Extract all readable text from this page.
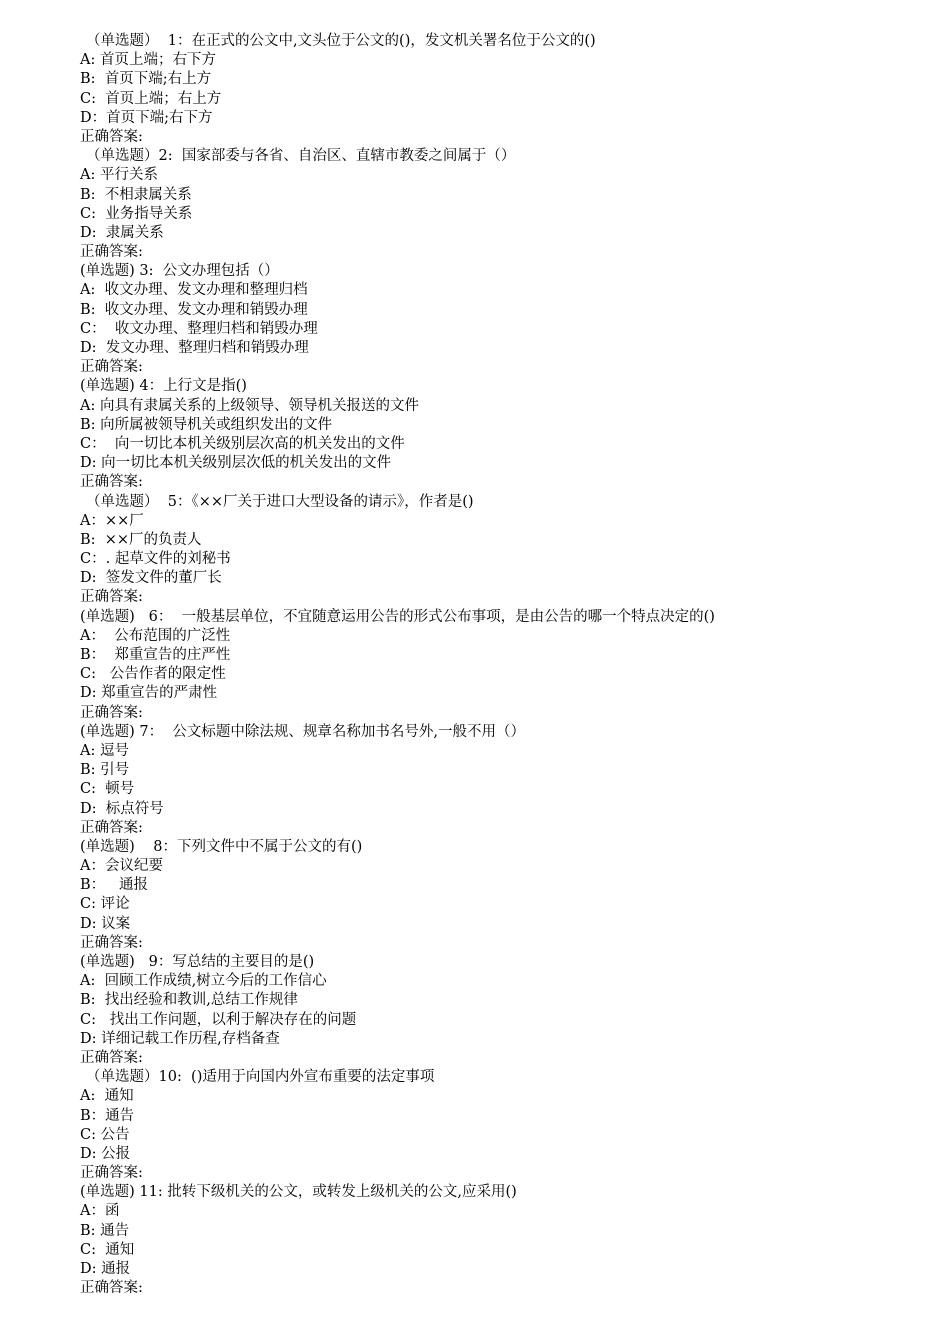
（单选题）  1：在正式的公文中,文头位于公文的()，发文机关署名位于公文的()
A: 首页上端；右下方
B:  首页下端;右上方
C:  首页上端；右上方
D：首页下端;右下方
正确答案:
（单选题）2:  国家部委与各省、自治区、直辖市教委之间属于（）
A: 平行关系
B:  不相隶属关系
C:  业务指导关系
D:  隶属关系
正确答案:
(单选题) 3:  公文办理包括（）
A:  收文办理、发文办理和整理归档
B:  收文办理、发文办理和销毁办理
C：  收文办理、整理归档和销毁办理
D:  发文办理、整理归档和销毁办理
正确答案:
(单选题) 4：上行文是指()
A: 向具有隶属关系的上级领导、领导机关报送的文件
B: 向所属被领导机关或组织发出的文件
C：  向一切比本机关级别层次高的机关发出的文件
D: 向一切比本机关级别层次低的机关发出的文件
正确答案:
（单选题）  5：《××厂关于进口大型设备的请示》，作者是()
A：××厂
B:  ××厂的负责人
C：. 起草文件的刘秘书
D:  签发文件的董厂长
正确答案:
(单选题)   6：  一般基层单位，不宜随意运用公告的形式公布事项，是由公告的哪一个特点决定的()
A：  公布范围的广泛性
B：  郑重宣告的庄严性
C:   公告作者的限定性
D: 郑重宣告的严肃性
正确答案:
(单选题) 7：  公文标题中除法规、规章名称加书名号外,一般不用（）
A: 逗号
B: 引号
C:  顿号
D:  标点符号
正确答案:
(单选题)    8：下列文件中不属于公文的有()
A：会议纪要
B：   通报
C: 评论
D: 议案
正确答案:
(单选题)   9：写总结的主要目的是()
A:  回顾工作成绩,树立今后的工作信心
B:  找出经验和教训,总结工作规律
C:   找出工作问题，以利于解决存在的问题
D: 详细记载工作历程,存档备查
正确答案:
（单选题）10:  ()适用于向国内外宣布重要的法定事项
A:  通知
B：通告
C: 公告
D: 公报
正确答案:
(单选题) 11: 批转下级机关的公文，或转发上级机关的公文,应采用()
A：函
B: 通告
C:  通知
D: 通报
正确答案:
